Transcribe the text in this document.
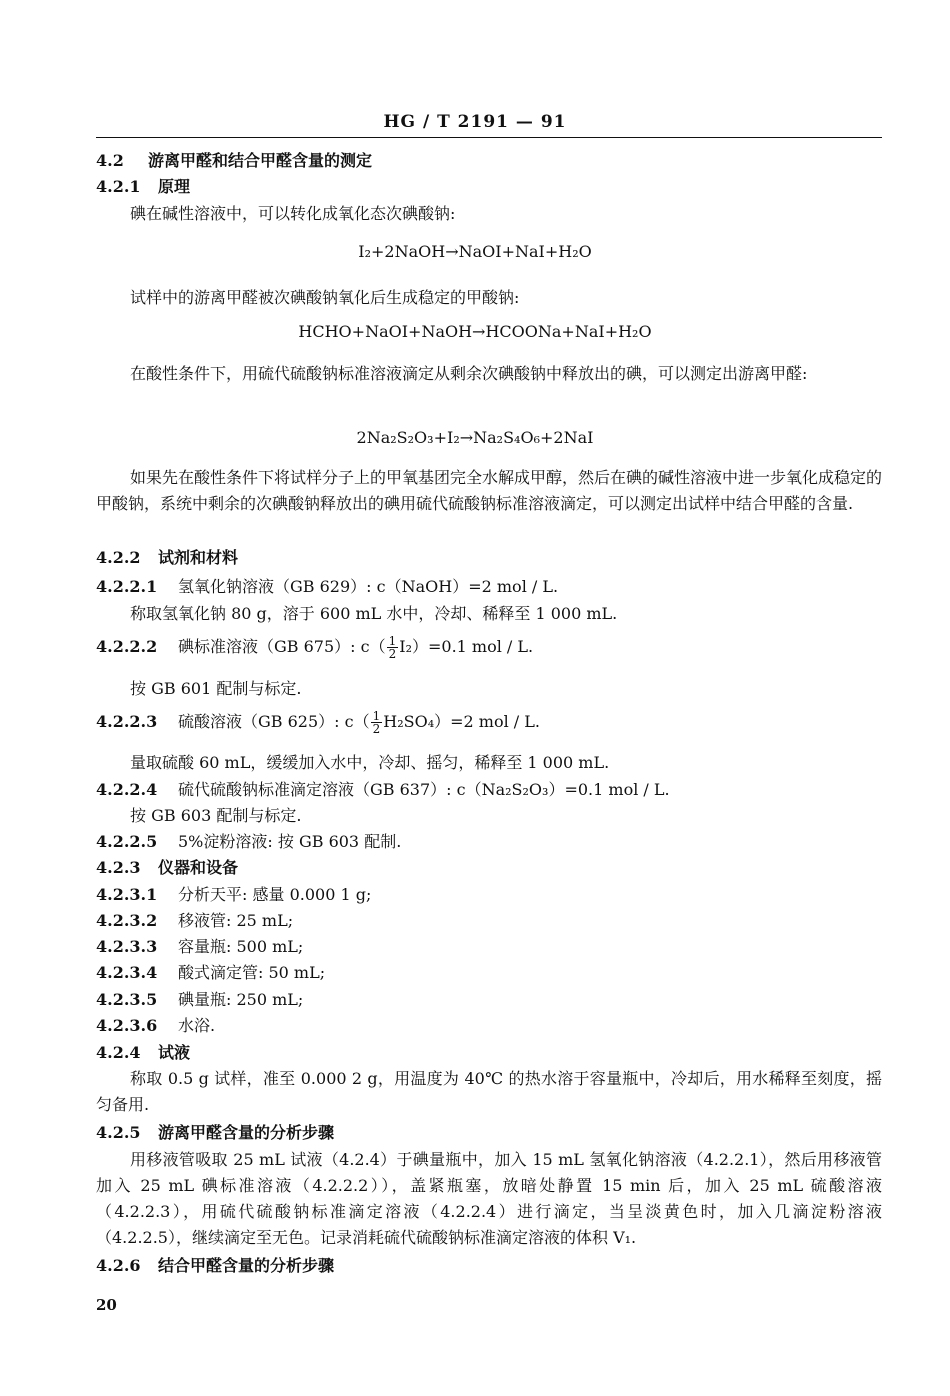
HG / T 2191 — 91
4.2 游离甲醛和结合甲醛含量的测定
4.2.1 原理
碘在碱性溶液中，可以转化成氧化态次碘酸钠:
I₂+2NaOH→NaOI+NaI+H₂O
试样中的游离甲醛被次碘酸钠氧化后生成稳定的甲酸钠:
HCHO+NaOI+NaOH→HCOONa+NaI+H₂O
在酸性条件下，用硫代硫酸钠标准溶液滴定从剩余次碘酸钠中释放出的碘，可以测定出游离甲醛:
2Na₂S₂O₃+I₂→Na₂S₄O₆+2NaI
如果先在酸性条件下将试样分子上的甲氧基团完全水解成甲醇，然后在碘的碱性溶液中进一步氧化成稳定的甲酸钠，系统中剩余的次碘酸钠释放出的碘用硫代硫酸钠标准溶液滴定，可以测定出试样中结合甲醛的含量.
4.2.2 试剂和材料
4.2.2.1 氢氧化钠溶液（GB 629）: c（NaOH）=2 mol / L.
称取氢氧化钠 80 g，溶于 600 mL 水中，冷却、稀释至 1 000 mL.
4.2.2.2 碘标准溶液（GB 675）: $c( \frac{1}{2} I_2)=0.1$ mol / L.
按 GB 601 配制与标定.
4.2.2.3 硫酸溶液（GB 625）: $c( \frac{1}{2} H_2SO_4)=2$ mol / L.
量取硫酸 60 mL，缓缓加入水中，冷却、摇匀，稀释至 1 000 mL.
4.2.2.4 硫代硫酸钠标准滴定溶液（GB 637）: c（Na₂S₂O₃）=0.1 mol / L.
按 GB 603 配制与标定.
4.2.2.5 5%淀粉溶液: 按 GB 603 配制.
4.2.3 仪器和设备
4.2.3.1 分析天平: 感量 0.000 1 g;
4.2.3.2 移液管: 25 mL;
4.2.3.3 容量瓶: 500 mL;
4.2.3.4 酸式滴定管: 50 mL;
4.2.3.5 碘量瓶: 250 mL;
4.2.3.6 水浴.
4.2.4 试液
称取 0.5 g 试样，准至 0.000 2 g，用温度为 40℃ 的热水溶于容量瓶中，冷却后，用水稀释至刻度，摇匀备用.
4.2.5 游离甲醛含量的分析步骤
用移液管吸取 25 mL 试液（4.2.4）于碘量瓶中，加入 15 mL 氢氧化钠溶液（4.2.2.1），然后用移液管加入 25 mL 碘标准溶液（4.2.2.2）），盖紧瓶塞，放暗处静置 15 min 后，加入 25 mL 硫酸溶液（4.2.2.3），用硫代硫酸钠标准滴定溶液（4.2.2.4）进行滴定，当呈淡黄色时，加入几滴淀粉溶液（4.2.2.5），继续滴定至无色。记录消耗硫代硫酸钠标准滴定溶液的体积 V₁.
4.2.6 结合甲醛含量的分析步骤
20
